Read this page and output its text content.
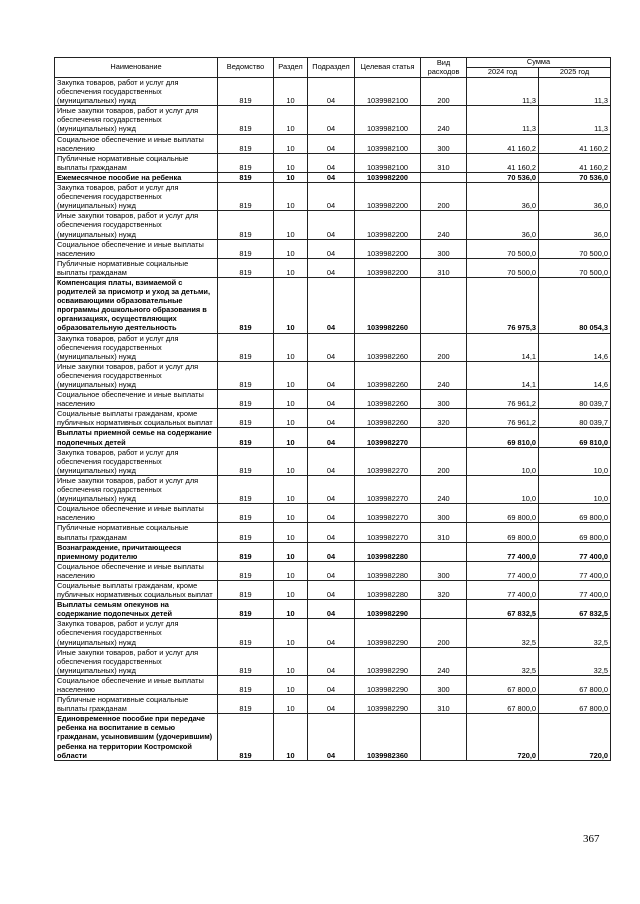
Наименование	Ведомство	Раздел	Подраздел	Целевая статья	Вид расходов	Сумма	
						2024 год	2025 год
Закупка товаров, работ и услуг для обеспечения государственных (муниципальных) нужд	819	10	04	1039982100	200	11,3	11,3
Иные закупки товаров, работ и услуг для обеспечения государственных (муниципальных) нужд	819	10	04	1039982100	240	11,3	11,3
Социальное обеспечение и иные выплаты населению	819	10	04	1039982100	300	41 160,2	41 160,2
Публичные нормативные социальные выплаты гражданам	819	10	04	1039982100	310	41 160,2	41 160,2
Ежемесячное пособие на ребенка	819	10	04	1039982200		70 536,0	70 536,0
Закупка товаров, работ и услуг для обеспечения государственных (муниципальных) нужд	819	10	04	1039982200	200	36,0	36,0
Иные закупки товаров, работ и услуг для обеспечения государственных (муниципальных) нужд	819	10	04	1039982200	240	36,0	36,0
Социальное обеспечение и иные выплаты населению	819	10	04	1039982200	300	70 500,0	70 500,0
Публичные нормативные социальные выплаты гражданам	819	10	04	1039982200	310	70 500,0	70 500,0
Компенсация платы, взимаемой с родителей за присмотр и уход за детьми, осваивающими образовательные программы дошкольного образования в организациях, осуществляющих образовательную деятельность	819	10	04	1039982260		76 975,3	80 054,3
Закупка товаров, работ и услуг для обеспечения государственных (муниципальных) нужд	819	10	04	1039982260	200	14,1	14,6
Иные закупки товаров, работ и услуг для обеспечения государственных (муниципальных) нужд	819	10	04	1039982260	240	14,1	14,6
Социальное обеспечение и иные выплаты населению	819	10	04	1039982260	300	76 961,2	80 039,7
Социальные выплаты гражданам, кроме публичных нормативных социальных выплат	819	10	04	1039982260	320	76 961,2	80 039,7
Выплаты приемной семье на содержание подопечных детей	819	10	04	1039982270		69 810,0	69 810,0
Закупка товаров, работ и услуг для обеспечения государственных (муниципальных) нужд	819	10	04	1039982270	200	10,0	10,0
Иные закупки товаров, работ и услуг для обеспечения государственных (муниципальных) нужд	819	10	04	1039982270	240	10,0	10,0
Социальное обеспечение и иные выплаты населению	819	10	04	1039982270	300	69 800,0	69 800,0
Публичные нормативные социальные выплаты гражданам	819	10	04	1039982270	310	69 800,0	69 800,0
Вознаграждение, причитающееся приемному родителю	819	10	04	1039982280		77 400,0	77 400,0
Социальное обеспечение и иные выплаты населению	819	10	04	1039982280	300	77 400,0	77 400,0
Социальные выплаты гражданам, кроме публичных нормативных социальных выплат	819	10	04	1039982280	320	77 400,0	77 400,0
Выплаты семьям опекунов на содержание подопечных детей	819	10	04	1039982290		67 832,5	67 832,5
Закупка товаров, работ и услуг для обеспечения государственных (муниципальных) нужд	819	10	04	1039982290	200	32,5	32,5
Иные закупки товаров, работ и услуг для обеспечения государственных (муниципальных) нужд	819	10	04	1039982290	240	32,5	32,5
Социальное обеспечение и иные выплаты населению	819	10	04	1039982290	300	67 800,0	67 800,0
Публичные нормативные социальные выплаты гражданам	819	10	04	1039982290	310	67 800,0	67 800,0
Единовременное пособие при передаче ребенка на воспитание в семью гражданам, усыновившим (удочерившим) ребенка на территории Костромской области	819	10	04	1039982360		720,0	720,0
367
